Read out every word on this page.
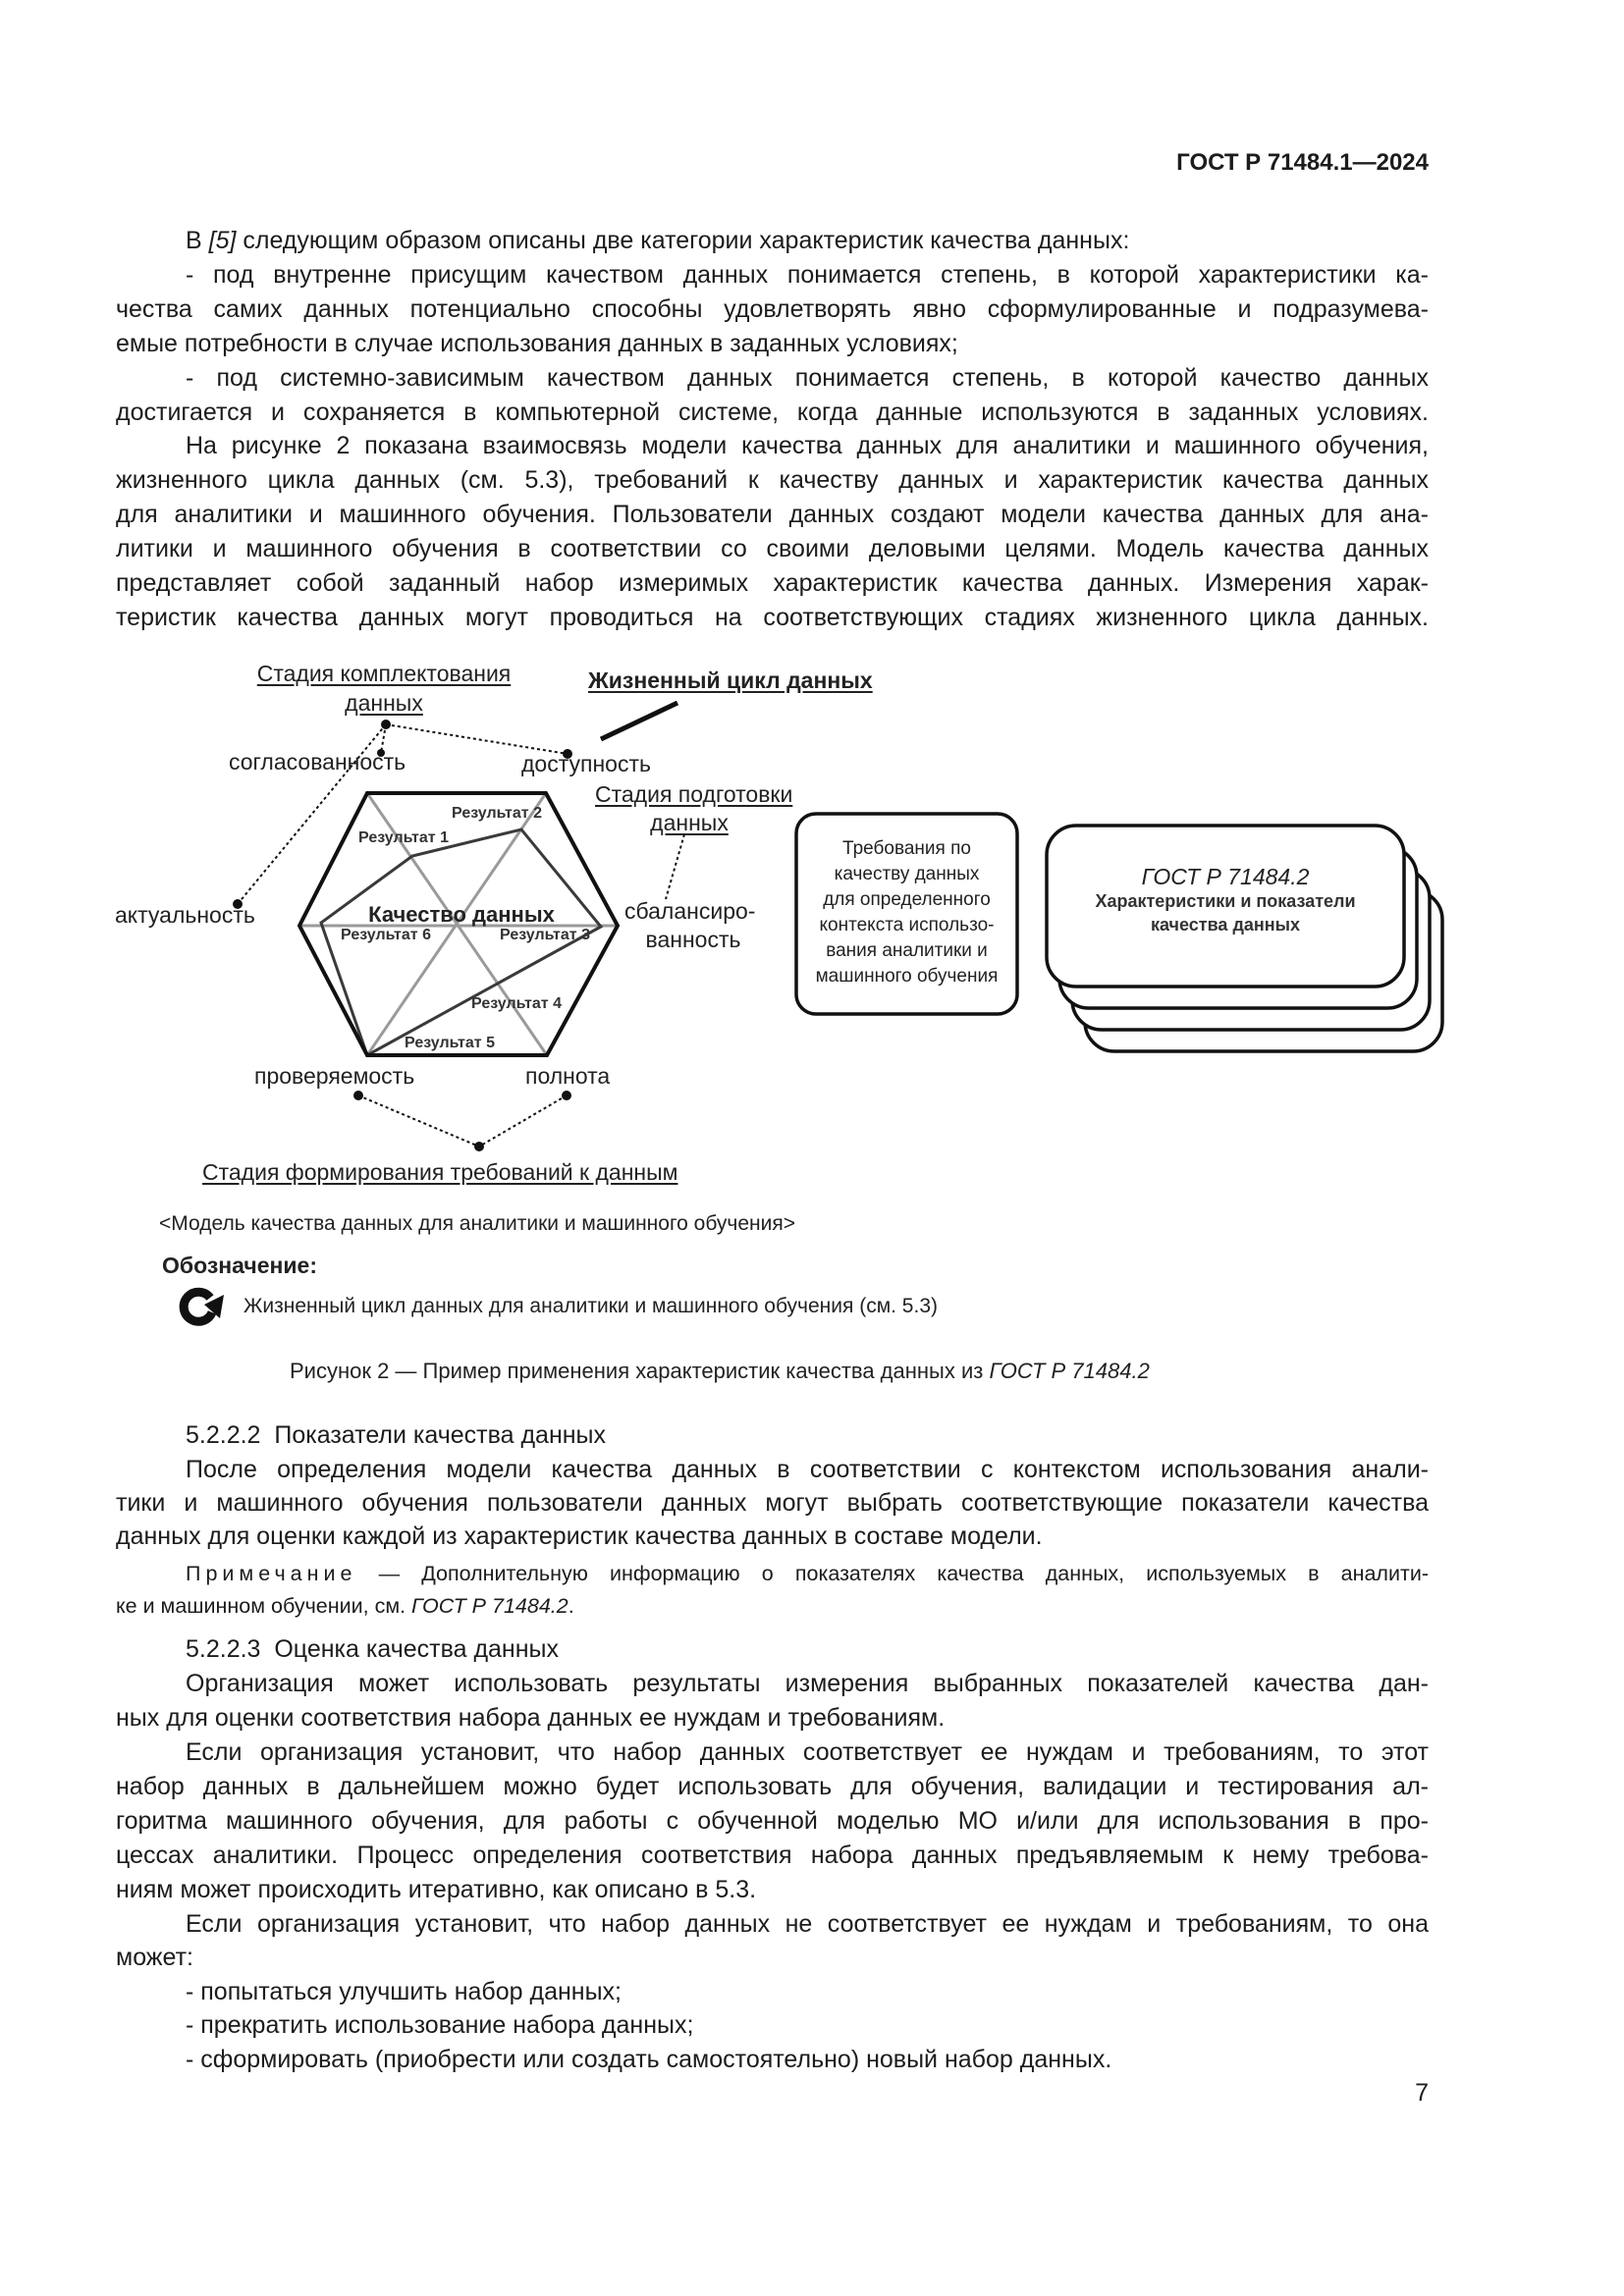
ГОСТ Р 71484.1—2024
В [5] следующим образом описаны две категории характеристик качества данных:
- под внутренне присущим качеством данных понимается степень, в которой характеристики ка-
чества самих данных потенциально способны удовлетворять явно сформулированные и подразумева-
емые потребности в случае использования данных в заданных условиях;
- под системно-зависимым качеством данных понимается степень, в которой качество данных
достигается и сохраняется в компьютерной системе, когда данные используются в заданных условиях.
На рисунке 2 показана взаимосвязь модели качества данных для аналитики и машинного обучения,
жизненного цикла данных (см. 5.3), требований к качеству данных и характеристик качества данных
для аналитики и машинного обучения. Пользователи данных создают модели качества данных для ана-
литики и машинного обучения в соответствии со своими деловыми целями. Модель качества данных
представляет собой заданный набор измеримых характеристик качества данных. Измерения харак-
теристик качества данных могут проводиться на соответствующих стадиях жизненного цикла данных.
5.2.2.2  Показатели качества данных
После определения модели качества данных в соответствии с контекстом использования анали-
тики и машинного обучения пользователи данных могут выбрать соответствующие показатели качества
данных для оценки каждой из характеристик качества данных в составе модели.
Примечание — Дополнительную информацию о показателях качества данных, используемых в аналити-
ке и машинном обучении, см. ГОСТ Р 71484.2.
5.2.2.3  Оценка качества данных
Организация может использовать результаты измерения выбранных показателей качества дан-
ных для оценки соответствия набора данных ее нуждам и требованиям.
Если организация установит, что набор данных соответствует ее нуждам и требованиям, то этот
набор данных в дальнейшем можно будет использовать для обучения, валидации и тестирования ал-
горитма машинного обучения, для работы с обученной моделью МО и/или для использования в про-
цессах аналитики. Процесс определения соответствия набора данных предъявляемым к нему требова-
ниям может происходить итеративно, как описано в 5.3.
Если организация установит, что набор данных не соответствует ее нуждам и требованиям, то она
может:
- попытаться улучшить набор данных;
- прекратить использование набора данных;
- сформировать (приобрести или создать самостоятельно) новый набор данных.
Стадия комплектования
данных
Жизненный цикл данных
согласованность	доступность
Стадия подготовки
данных
актуальность	сбалансиро-
ванность
проверяемость	полнота
Стадия формирования требований к данным
Качество данных
Результат 1
Результат 2
Результат 3
Результат 4
Результат 5
Результат 6
Требования по
качеству данных
для определенного
контекста использо-
вания аналитики и
машинного обучения
ГОСТ Р 71484.2
Характеристики и показатели
качества данных
<Модель качества данных для аналитики и машинного обучения>
Обозначение:
Жизненный цикл данных для аналитики и машинного обучения (см. 5.3)
Рисунок 2 — Пример применения характеристик качества данных из ГОСТ Р 71484.2
7
